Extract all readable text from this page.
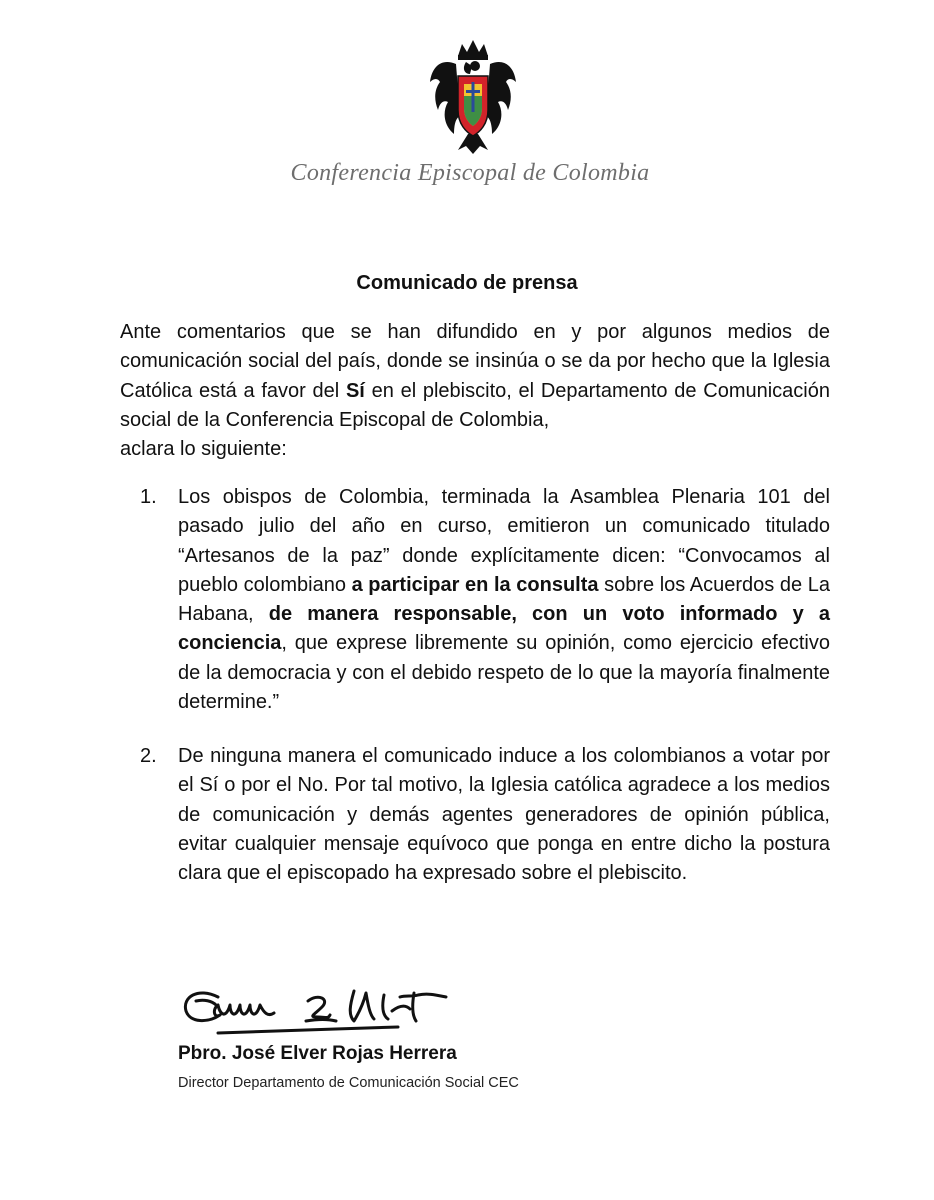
Conferencia Episcopal de Colombia
Comunicado de prensa
Ante comentarios que se han difundido en y por algunos medios de comunicación social del país, donde se insinúa o se da por hecho que la Iglesia Católica está a favor del Sí en el plebiscito, el Departamento de Comunicación social de la Conferencia Episcopal de Colombia,
aclara lo siguiente:
1.	Los obispos de Colombia, terminada la Asamblea Plenaria 101 del pasado julio del año en curso, emitieron un comunicado titulado “Artesanos de la paz” donde explícitamente dicen: “Convocamos al pueblo colombiano a participar en la consulta sobre los Acuerdos de La Habana, de manera responsable, con un voto informado y a conciencia, que exprese libremente su opinión, como ejercicio efectivo de la democracia y con el debido respeto de lo que la mayoría finalmente determine.”
2.	De ninguna manera el comunicado induce a los colombianos a votar por el Sí o por el No. Por tal motivo, la Iglesia católica agradece a los medios de comunicación y demás agentes generadores de opinión pública, evitar cualquier mensaje equívoco que ponga en entre dicho la postura clara que el episcopado ha expresado sobre el plebiscito.
Pbro. José Elver Rojas Herrera
Director Departamento de Comunicación Social CEC
